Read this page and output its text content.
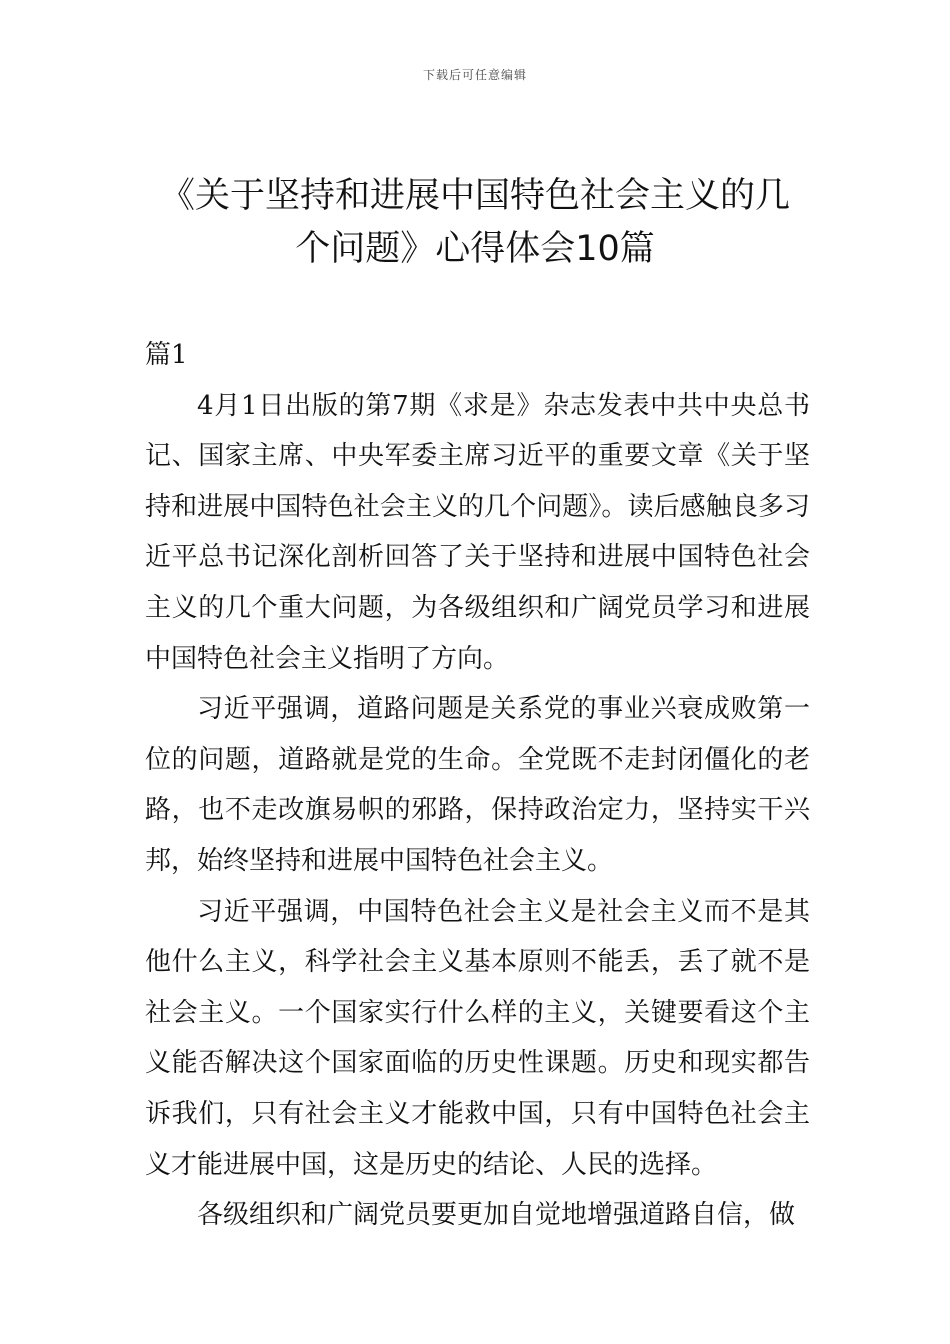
下载后可任意编辑
《关于坚持和进展中国特色社会主义的几
个问题》心得体会10篇

篇1

4月1日出版的第7期《求是》杂志发表中共中央总书记、国家主席、中央军委主席习近平的重要文章《关于坚持和进展中国特色社会主义的几个问题》。读后感触良多习近平总书记深化剖析回答了关于坚持和进展中国特色社会主义的几个重大问题，为各级组织和广阔党员学习和进展中国特色社会主义指明了方向。

习近平强调，道路问题是关系党的事业兴衰成败第一位的问题，道路就是党的生命。全党既不走封闭僵化的老路，也不走改旗易帜的邪路，保持政治定力，坚持实干兴邦，始终坚持和进展中国特色社会主义。

习近平强调，中国特色社会主义是社会主义而不是其他什么主义，科学社会主义基本原则不能丢，丢了就不是社会主义。一个国家实行什么样的主义，关键要看这个主义能否解决这个国家面临的历史性课题。历史和现实都告诉我们，只有社会主义才能救中国，只有中国特色社会主义才能进展中国，这是历史的结论、人民的选择。

各级组织和广阔党员要更加自觉地增强道路自信，做
